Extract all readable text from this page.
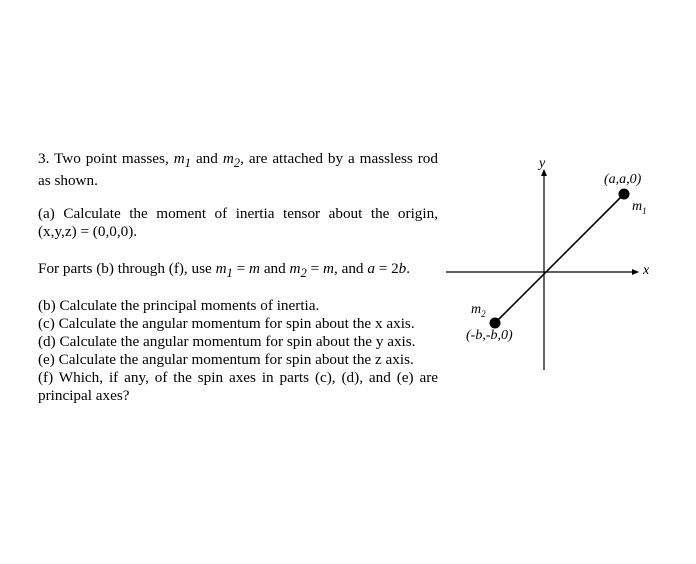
3. Two point masses, $m_1$ and $m_2$, are attached by a massless rod as shown.

(a) Calculate the moment of inertia tensor about the origin, (x,y,z) = (0,0,0).

For parts (b) through (f), use $m_1 = m$ and $m_2 = m$, and a = 2b.

(b) Calculate the principal moments of inertia.

(c) Calculate the angular momentum for spin about the x axis.

(d) Calculate the angular momentum for spin about the y axis.

(e) Calculate the angular momentum for spin about the z axis.

(f) Which, if any, of the spin axes in parts (c), (d), and (e) are principal axes?

y
x
(a,a,0)
$m_1$
$m_2$
(-b,-b,0)
